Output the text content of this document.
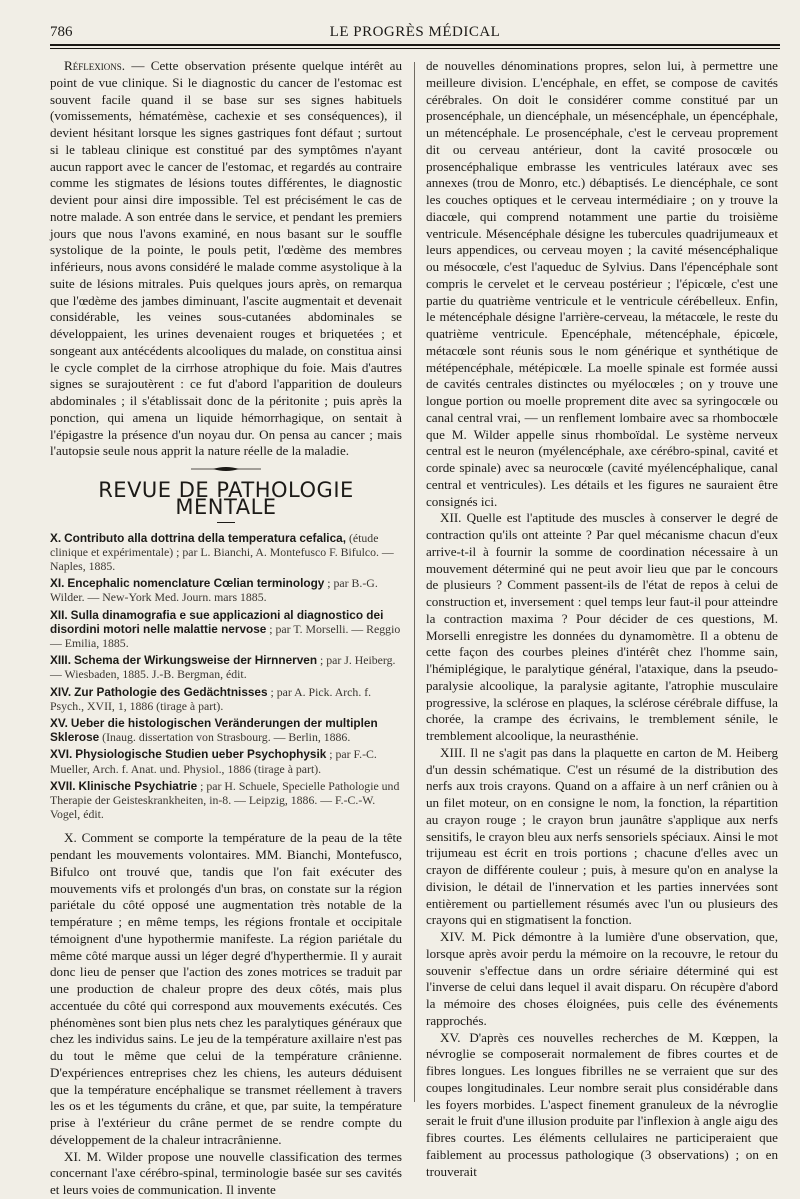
786	LE PROGRÈS MÉDICAL

Réflexions. — Cette observation présente quelque intérêt au point de vue clinique. Si le diagnostic du cancer de l'estomac est souvent facile quand il se base sur ses signes habituels (vomissements, hématémèse, cachexie et ses conséquences), il devient hésitant lorsque les signes gastriques font défaut ; surtout si le tableau clinique est constitué par des symptômes n'ayant aucun rapport avec le cancer de l'estomac, et regardés au contraire comme les stigmates de lésions toutes différentes, le diagnostic devient pour ainsi dire impossible. Tel est précisément le cas de notre malade. A son entrée dans le service, et pendant les premiers jours que nous l'avons examiné, en nous basant sur le souffle systolique de la pointe, le pouls petit, l'œdème des membres inférieurs, nous avons considéré le malade comme asystolique à la suite de lésions mitrales. Puis quelques jours après, on remarqua que l'œdème des jambes diminuant, l'ascite augmentait et devenait considérable, les veines sous-cutanées abdominales se développaient, les urines devenaient rouges et briquetées ; et songeant aux antécédents alcooliques du malade, on constitua ainsi le cycle complet de la cirrhose atrophique du foie. Mais d'autres signes se surajoutèrent : ce fut d'abord l'apparition de douleurs abdominales ; il s'établissait donc de la péritonite ; puis après la ponction, qui amena un liquide hémorrhagique, on sentait à l'épigastre la présence d'un noyau dur. On pensa au cancer ; mais l'autopsie seule nous apprit la nature réelle de la maladie.

REVUE DE PATHOLOGIE MENTALE

X. Contributo alla dottrina della temperatura cefalica, (étude clinique et expérimentale) ; par L. Bianchi, A. Montefusco F. Bifulco. — Naples, 1885.

XI. Encephalic nomenclature Cœlian terminology ; par B.-G. Wilder. — New-York Med. Journ. mars 1885.

XII. Sulla dinamografia e sue applicazioni al diagnostico dei disordini motori nelle malattie nervose ; par T. Morselli. — Reggio — Emilia, 1885.

XIII. Schema der Wirkungsweise der Hirnnerven ; par J. Heiberg. — Wiesbaden, 1885. J.-B. Bergman, édit.

XIV. Zur Pathologie des Gedächtnisses ; par A. Pick. Arch. f. Psych., XVII, 1, 1886 (tirage à part).

XV. Ueber die histologischen Veränderungen der multiplen Sklerose (Inaug. dissertation von Strasbourg. — Berlin, 1886.

XVI. Physiologische Studien ueber Psychophysik ; par F.-C. Mueller, Arch. f. Anat. und. Physiol., 1886 (tirage à part).

XVII. Klinische Psychiatrie ; par H. Schuele, Specielle Pathologie und Therapie der Geisteskrankheiten, in-8. — Leipzig, 1886. — F.-C.-W. Vogel, édit.

X. Comment se comporte la température de la peau de la tête pendant les mouvements volontaires. MM. Bianchi, Montefusco, Bifulco ont trouvé que, tandis que l'on fait exécuter des mouvements vifs et prolongés d'un bras, on constate sur la région pariétale du côté opposé une augmentation très notable de la température ; en même temps, les régions frontale et occipitale témoignent d'une hypothermie manifeste. La région pariétale du même côté marque aussi un léger degré d'hyperthermie. Il y aurait donc lieu de penser que l'action des zones motrices se traduit par une production de chaleur propre des deux côtés, mais plus accentuée du côté qui correspond aux mouvements exécutés. Ces phénomènes sont bien plus nets chez les paralytiques généraux que chez les individus sains. Le jeu de la température axillaire n'est pas du tout le même que celui de la température crânienne. D'expériences entreprises chez les chiens, les auteurs déduisent que la température encéphalique se transmet réellement à travers les os et les téguments du crâne, et que, par suite, la température prise à l'extérieur du crâne permet de se rendre compte du développement de la chaleur intracrânienne.

XI. M. Wilder propose une nouvelle classification des termes concernant l'axe cérébro-spinal, terminologie basée sur ses cavités et leurs voies de communication. Il invente

de nouvelles dénominations propres, selon lui, à permettre une meilleure division. L'encéphale, en effet, se compose de cavités cérébrales. On doit le considérer comme constitué par un prosencéphale, un diencéphale, un mésencéphale, un épencéphale, un métencéphale. Le prosencéphale, c'est le cerveau proprement dit ou cerveau antérieur, dont la cavité prosocœle ou prosencéphalique embrasse les ventricules latéraux avec ses annexes (trou de Monro, etc.) débaptisés. Le diencéphale, ce sont les couches optiques et le cerveau intermédiaire ; on y trouve la diacœle, qui comprend notamment une partie du troisième ventricule. Mésencéphale désigne les tubercules quadrijumeaux et leurs appendices, ou cerveau moyen ; la cavité mésencéphalique ou mésocœle, c'est l'aqueduc de Sylvius. Dans l'épencéphale sont compris le cervelet et le cerveau postérieur ; l'épicœle, c'est une partie du quatrième ventricule et le ventricule cérébelleux. Enfin, le métencéphale désigne l'arrière-cerveau, la métacœle, le reste du quatrième ventricule. Epencéphale, métencéphale, épicœle, métacœle sont réunis sous le nom générique et synthétique de métépencéphale, métépicœle. La moelle spinale est formée aussi de cavités centrales distinctes ou myélocœles ; on y trouve une longue portion ou moelle proprement dite avec sa syringocœle ou canal central vrai, — un renflement lombaire avec sa rhombocœle que M. Wilder appelle sinus rhomboïdal. Le système nerveux central est le neuron (myélencéphale, axe cérébro-spinal, cavité et corde spinale) avec sa neurocœle (cavité myélencéphalique, canal central et ventricules). Les détails et les figures ne sauraient être consignés ici.

XII. Quelle est l'aptitude des muscles à conserver le degré de contraction qu'ils ont atteinte ? Par quel mécanisme chacun d'eux arrive-t-il à fournir la somme de coordination nécessaire à un mouvement déterminé qui ne peut avoir lieu que par le concours de plusieurs ? Comment passent-ils de l'état de repos à celui de construction et, inversement : quel temps leur faut-il pour atteindre la contraction maxima ? Pour décider de ces questions, M. Morselli enregistre les données du dynamomètre. Il a obtenu de cette façon des courbes pleines d'intérêt chez l'homme sain, l'hémiplégique, le paralytique général, l'ataxique, dans la pseudo-paralysie alcoolique, la paralysie agitante, l'atrophie musculaire progressive, la sclérose en plaques, la sclérose cérébrale diffuse, la chorée, la crampe des écrivains, le tremblement sénile, le tremblement alcoolique, la neurasthénie.

XIII. Il ne s'agit pas dans la plaquette en carton de M. Heiberg d'un dessin schématique. C'est un résumé de la distribution des nerfs aux trois crayons. Quand on a affaire à un nerf crânien ou à un filet moteur, on en consigne le nom, la fonction, la répartition au crayon rouge ; le crayon brun jaunâtre s'applique aux nerfs sensitifs, le crayon bleu aux nerfs sensoriels spéciaux. Ainsi le mot trijumeau est écrit en trois portions ; chacune d'elles avec un crayon de différente couleur ; puis, à mesure qu'on en analyse la division, le détail de l'innervation et les parties innervées sont entièrement ou partiellement résumés avec l'un ou plusieurs des crayons qui en stigmatisent la fonction.

XIV. M. Pick démontre à la lumière d'une observation, que, lorsque après avoir perdu la mémoire on la recouvre, le retour du souvenir s'effectue dans un ordre sériaire déterminé qui est l'inverse de celui dans lequel il avait disparu. On récupère d'abord la mémoire des choses éloignées, puis celle des événements rapprochés.

XV. D'après ces nouvelles recherches de M. Kœppen, la névroglie se composerait normalement de fibres courtes et de fibres longues. Les longues fibrilles ne se verraient que sur des coupes longitudinales. Leur nombre serait plus considérable dans les foyers morbides. L'aspect finement granuleux de la névroglie serait le fruit d'une illusion produite par l'inflexion à angle aigu des fibres courtes. Les éléments cellulaires ne participeraient que faiblement au processus pathologique (3 observations) ; on en trouverait
